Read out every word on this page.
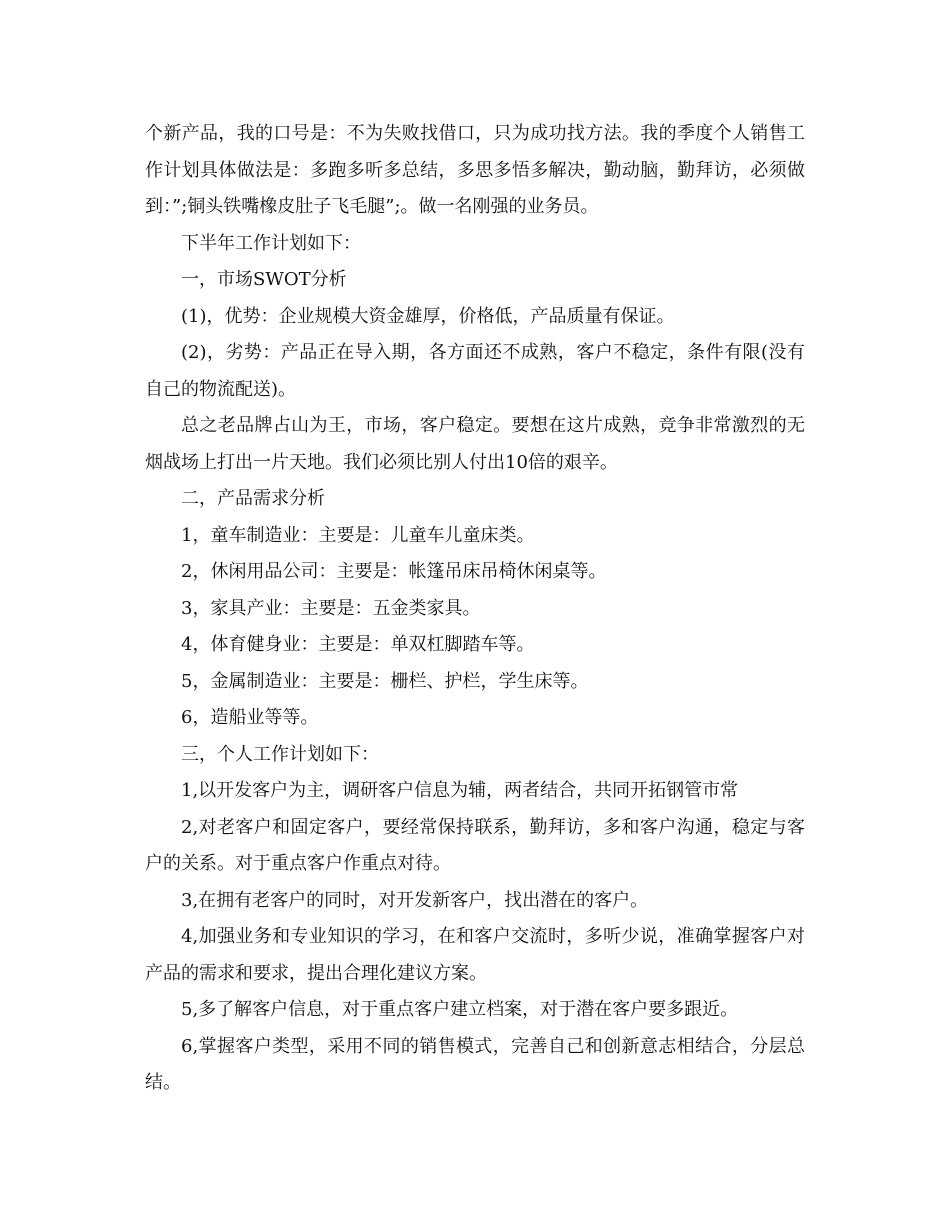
个新产品，我的口号是：不为失败找借口，只为成功找方法。我的季度个人销售工作计划具体做法是：多跑多听多总结，多思多悟多解决，勤动脑，勤拜访，必须做到：”;铜头铁嘴橡皮肚子飞毛腿”;。做一名刚强的业务员。

下半年工作计划如下：

一，市场SWOT分析

(1)，优势：企业规模大资金雄厚，价格低，产品质量有保证。

(2)，劣势：产品正在导入期，各方面还不成熟，客户不稳定，条件有限(没有自己的物流配送)。

总之老品牌占山为王，市场，客户稳定。要想在这片成熟，竞争非常激烈的无烟战场上打出一片天地。我们必须比别人付出10倍的艰辛。

二，产品需求分析

1，童车制造业：主要是：儿童车儿童床类。

2，休闲用品公司：主要是：帐篷吊床吊椅休闲桌等。

3，家具产业：主要是：五金类家具。

4，体育健身业：主要是：单双杠脚踏车等。

5，金属制造业：主要是：栅栏、护栏，学生床等。

6，造船业等等。

三，个人工作计划如下：

1,以开发客户为主，调研客户信息为辅，两者结合，共同开拓钢管市常

2,对老客户和固定客户，要经常保持联系，勤拜访，多和客户沟通，稳定与客户的关系。对于重点客户作重点对待。

3,在拥有老客户的同时，对开发新客户，找出潜在的客户。

4,加强业务和专业知识的学习，在和客户交流时，多听少说，准确掌握客户对产品的需求和要求，提出合理化建议方案。

5,多了解客户信息，对于重点客户建立档案，对于潜在客户要多跟近。

6,掌握客户类型，采用不同的销售模式，完善自己和创新意志相结合，分层总结。
